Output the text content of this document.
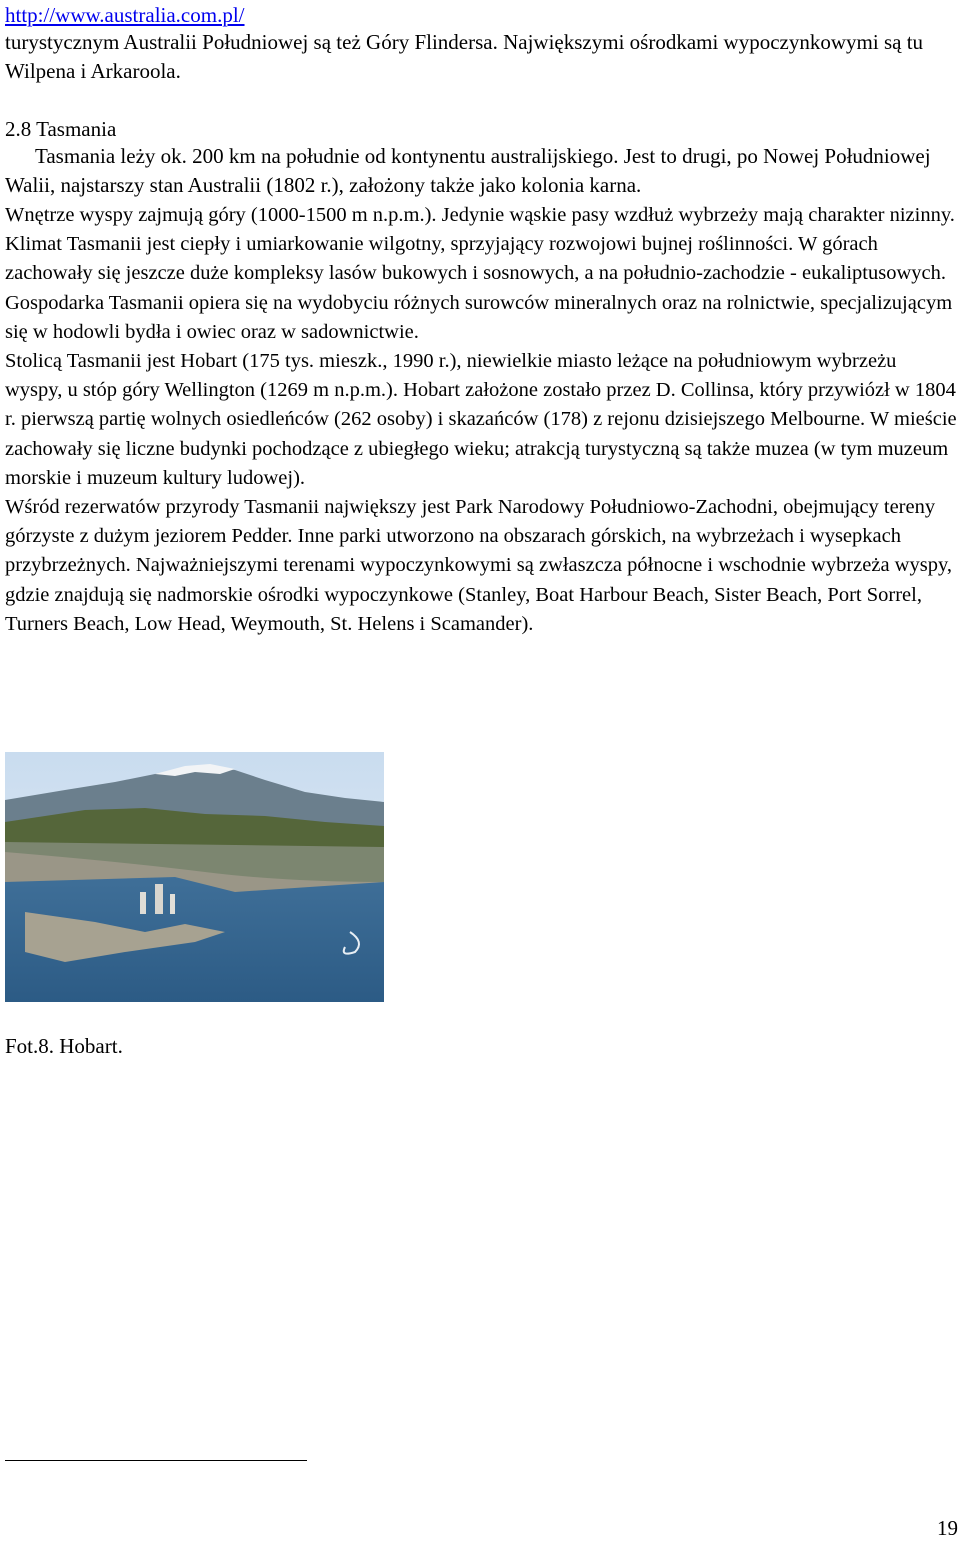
http://www.australia.com.pl/
turystycznym Australii Południowej są też Góry Flindersa. Największymi ośrodkami wypoczynkowymi są tu Wilpena i Arkaroola.
2.8 Tasmania
Tasmania leży ok. 200 km na południe od kontynentu australijskiego. Jest to drugi, po Nowej Południowej Walii, najstarszy stan Australii (1802 r.), założony także jako kolonia karna.
Wnętrze wyspy zajmują góry (1000-1500 m n.p.m.). Jedynie wąskie pasy wzdłuż wybrzeży mają charakter nizinny. Klimat Tasmanii jest ciepły i umiarkowanie wilgotny, sprzyjający rozwojowi bujnej roślinności. W górach zachowały się jeszcze duże kompleksy lasów bukowych i sosnowych, a na południo-zachodzie - eukaliptusowych. Gospodarka Tasmanii opiera się na wydobyciu różnych surowców mineralnych oraz na rolnictwie, specjalizującym się w hodowli bydła i owiec oraz w sadownictwie.
Stolicą Tasmanii jest Hobart (175 tys. mieszk., 1990 r.), niewielkie miasto leżące na południowym wybrzeżu wyspy, u stóp góry Wellington (1269 m n.p.m.). Hobart założone zostało przez D. Collinsa, który przywiózł w 1804 r. pierwszą partię wolnych osiedleńców (262 osoby) i skazańców (178) z rejonu dzisiejszego Melbourne. W mieście zachowały się liczne budynki pochodzące z ubiegłego wieku; atrakcją turystyczną są także muzea (w tym muzeum morskie i muzeum kultury ludowej).
Wśród rezerwatów przyrody Tasmanii największy jest Park Narodowy Południowo-Zachodni, obejmujący tereny górzyste z dużym jeziorem Pedder. Inne parki utworzono na obszarach górskich, na wybrzeżach i wysepkach przybrzeżnych. Najważniejszymi terenami wypoczynkowymi są zwłaszcza północne i wschodnie wybrzeża wyspy, gdzie znajdują się nadmorskie ośrodki wypoczynkowe (Stanley, Boat Harbour Beach, Sister Beach, Port Sorrel, Turners Beach, Low Head, Weymouth, St. Helens i Scamander).
Fot.8. Hobart.
19
